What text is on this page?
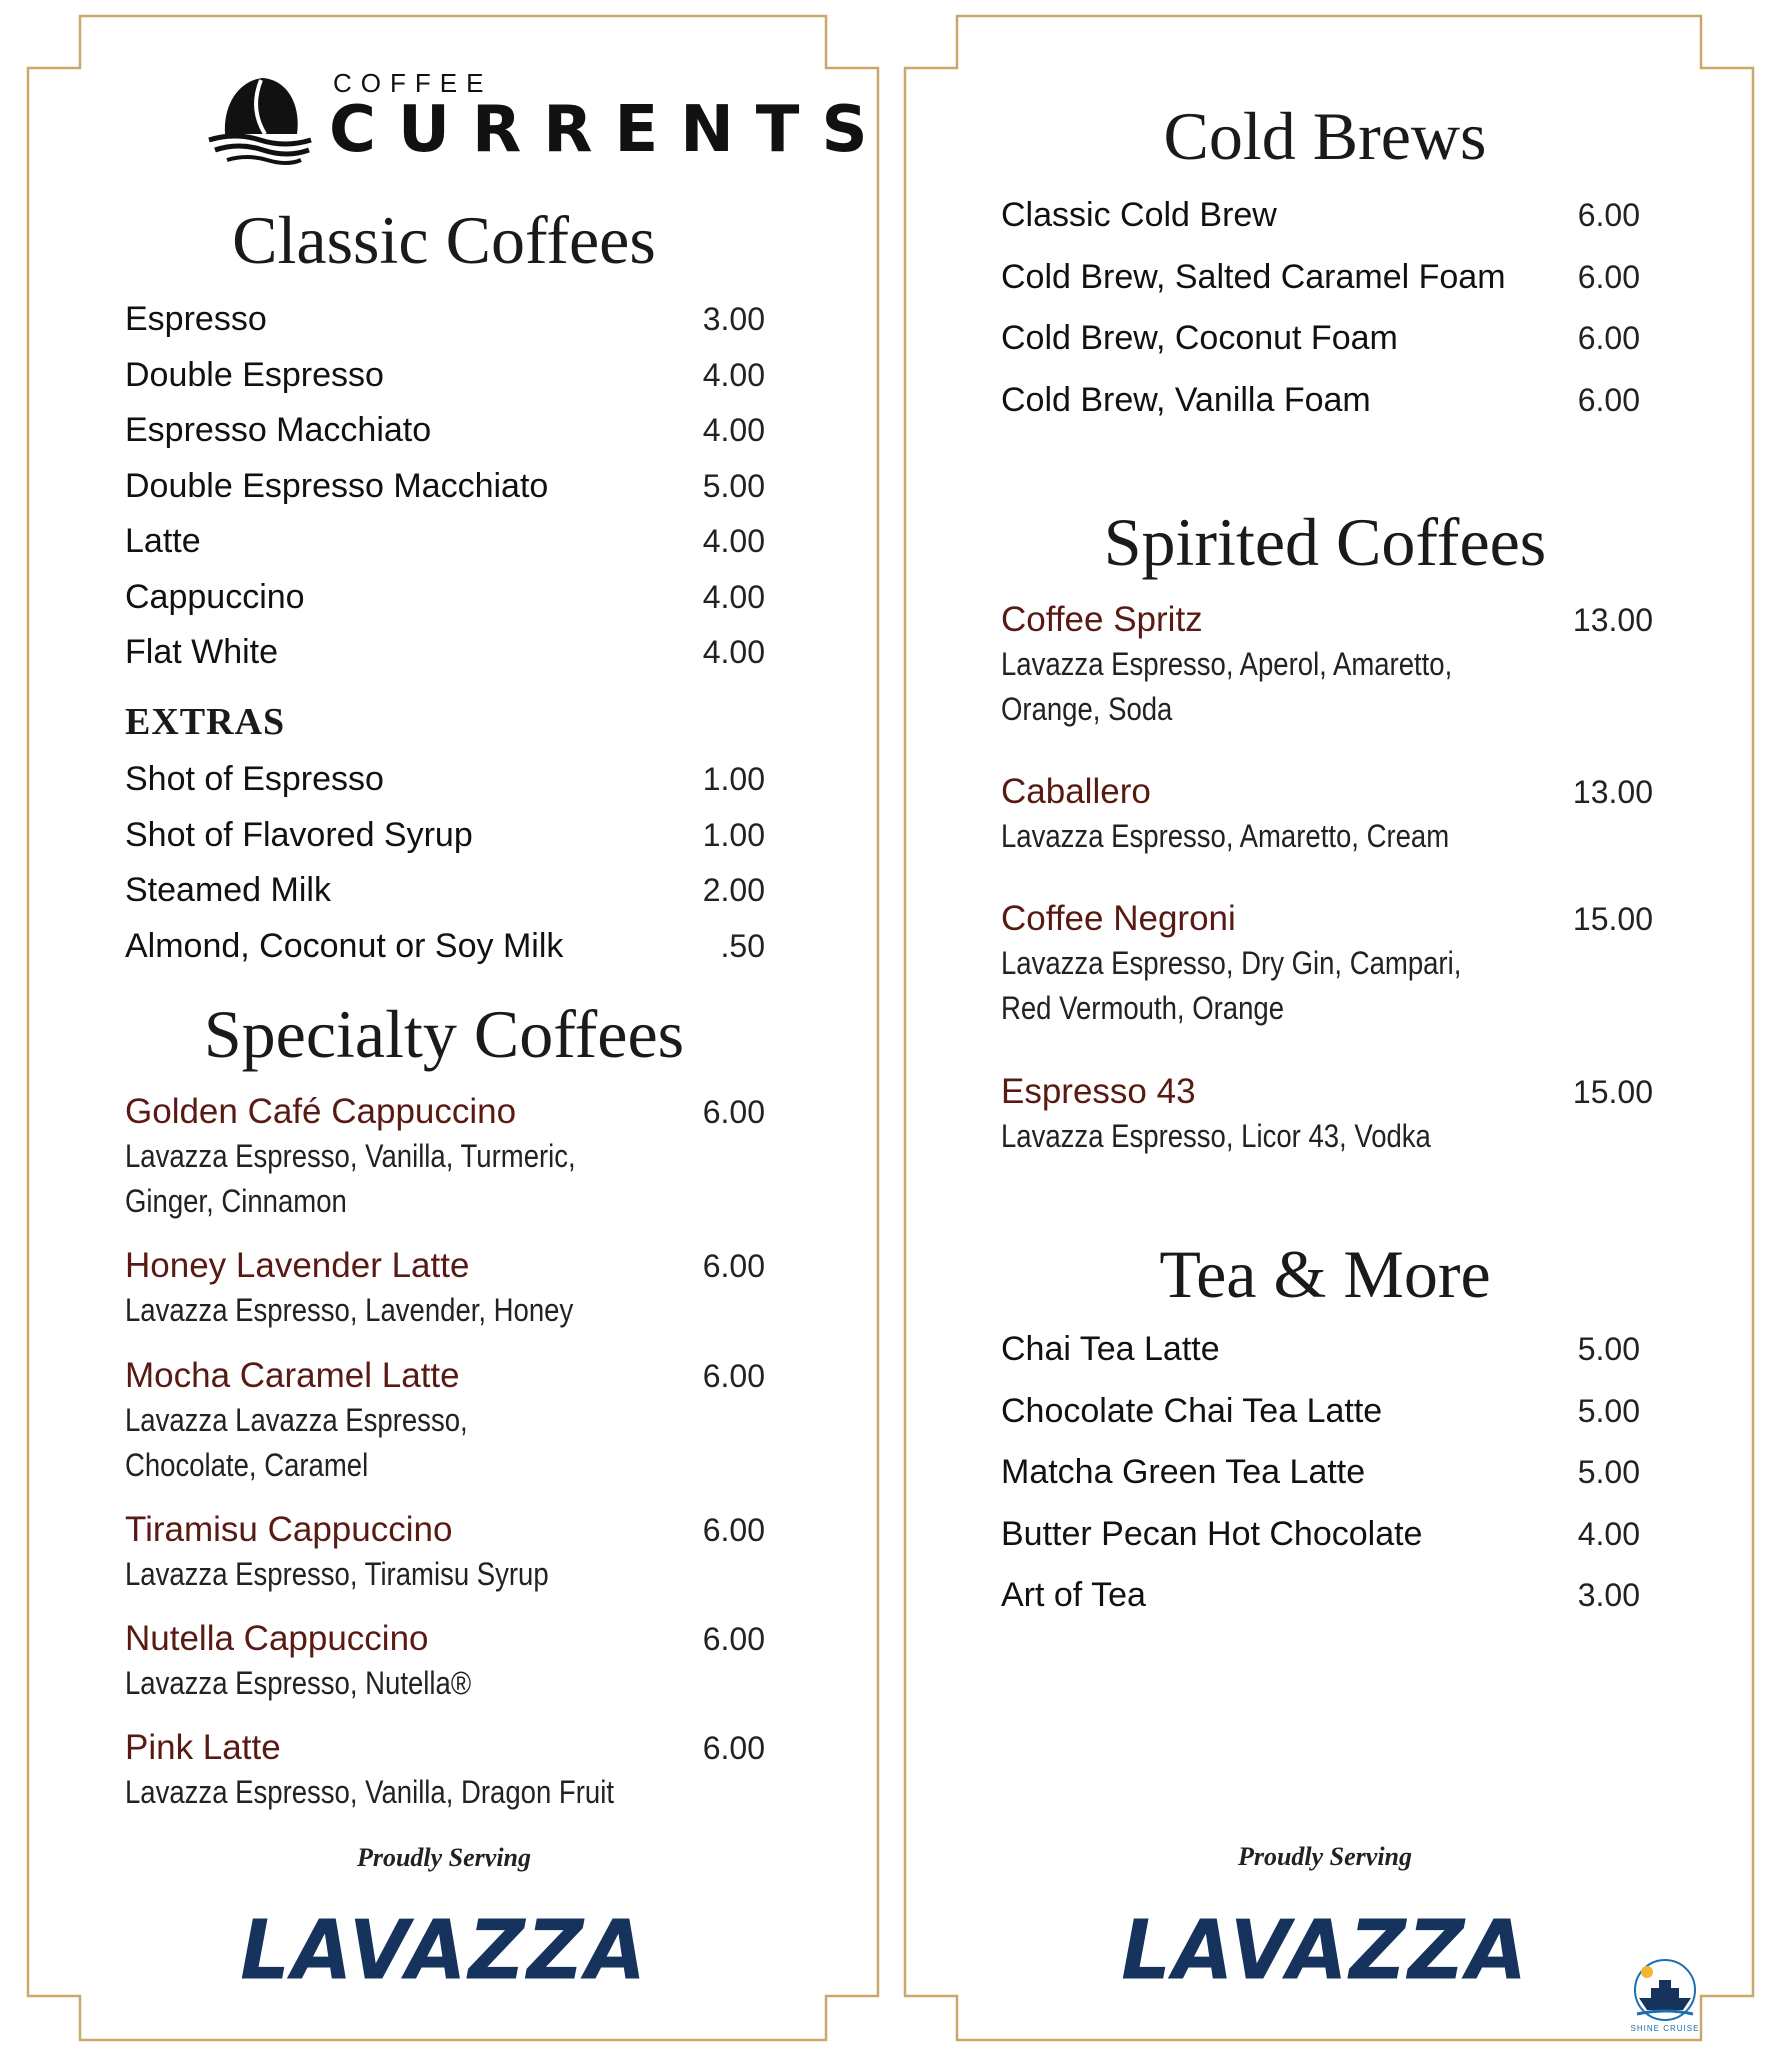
COFFEE
CURRENTS
Classic Coffees
Espresso	3.00
Double Espresso	4.00
Espresso Macchiato	4.00
Double Espresso Macchiato	5.00
Latte	4.00
Cappuccino	4.00
Flat White	4.00
EXTRAS
Shot of Espresso	1.00
Shot of Flavored Syrup	1.00
Steamed Milk	2.00
Almond, Coconut or Soy Milk	.50
Specialty Coffees
Golden Café Cappuccino	6.00
Lavazza Espresso, Vanilla, Turmeric,
Ginger, Cinnamon
Honey Lavender Latte	6.00
Lavazza Espresso, Lavender, Honey
Mocha Caramel Latte	6.00
Lavazza Lavazza Espresso,
Chocolate, Caramel
Tiramisu Cappuccino	6.00
Lavazza Espresso, Tiramisu Syrup
Nutella Cappuccino	6.00
Lavazza Espresso, Nutella®
Pink Latte	6.00
Lavazza Espresso, Vanilla, Dragon Fruit
Proudly Serving
LAVAZZA
Cold Brews
Classic Cold Brew	6.00
Cold Brew, Salted Caramel Foam 6.00
Cold Brew, Coconut Foam	6.00
Cold Brew, Vanilla Foam	6.00
Spirited Coffees
Coffee Spritz	13.00
Lavazza Espresso, Aperol, Amaretto,
Orange, Soda
Caballero	13.00
Lavazza Espresso, Amaretto, Cream
Coffee Negroni	15.00
Lavazza Espresso, Dry Gin, Campari,
Red Vermouth, Orange
Espresso 43	15.00
Lavazza Espresso, Licor 43, Vodka
Tea & More
Chai Tea Latte	5.00
Chocolate Chai Tea Latte	5.00
Matcha Green Tea Latte	5.00
Butter Pecan Hot Chocolate	4.00
Art of Tea	3.00
Proudly Serving
LAVAZZA
SHINE CRUISE
